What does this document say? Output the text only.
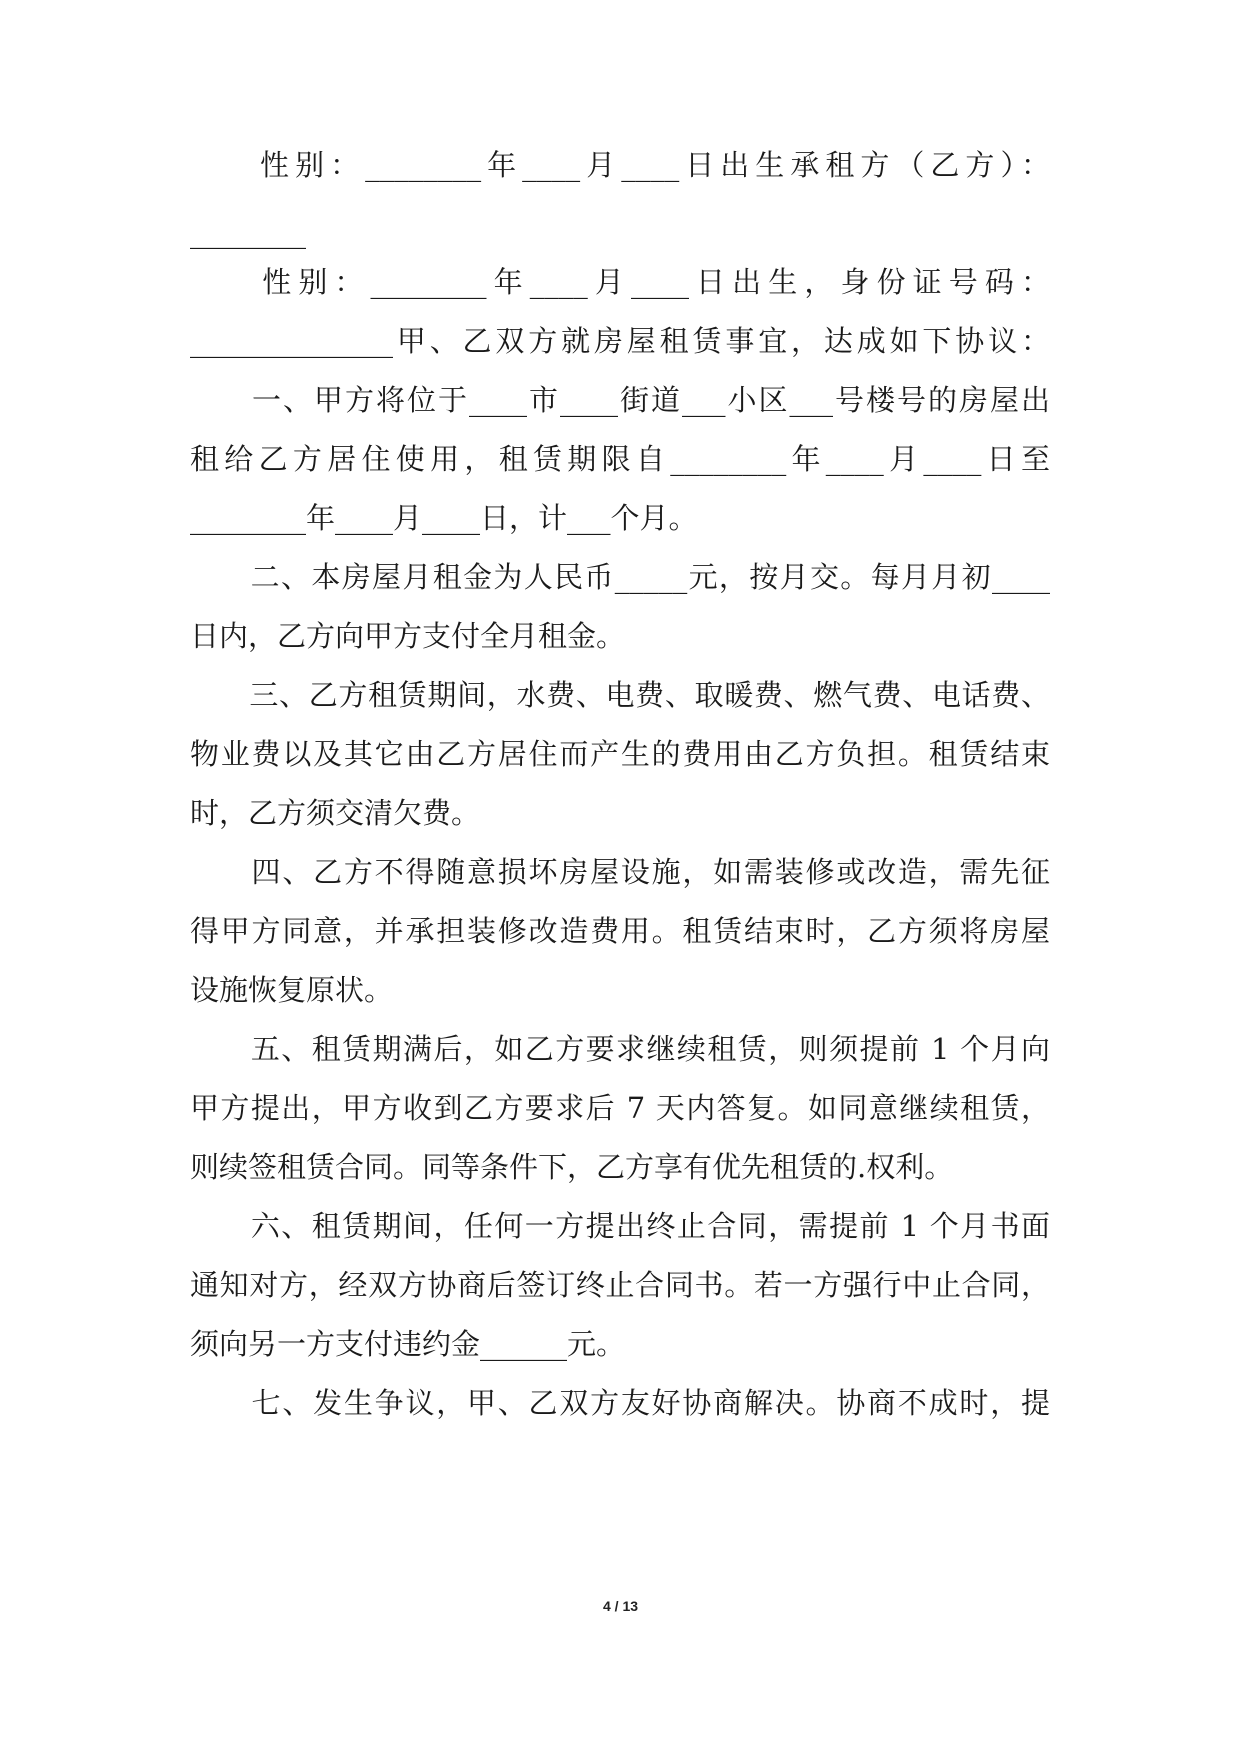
　　性别：________年____月____日出生承租方（乙方）：
________
　　性别：________年____月____日出生，身份证号码：
______________甲、乙双方就房屋租赁事宜，达成如下协议：
　　一、甲方将位于____市____街道___小区___号楼号的房屋出
租给乙方居住使用，租赁期限自________年____月____日至
________年____月____日，计___个月。
　　二、本房屋月租金为人民币_____元，按月交。每月月初____
日内，乙方向甲方支付全月租金。
　　三、乙方租赁期间，水费、电费、取暖费、燃气费、电话费、
物业费以及其它由乙方居住而产生的费用由乙方负担。租赁结束
时，乙方须交清欠费。
　　四、乙方不得随意损坏房屋设施，如需装修或改造，需先征
得甲方同意，并承担装修改造费用。租赁结束时，乙方须将房屋
设施恢复原状。
　　五、租赁期满后，如乙方要求继续租赁，则须提前 1 个月向
甲方提出，甲方收到乙方要求后 7 天内答复。如同意继续租赁，
则续签租赁合同。同等条件下，乙方享有优先租赁的.权利。
　　六、租赁期间，任何一方提出终止合同，需提前 1 个月书面
通知对方，经双方协商后签订终止合同书。若一方强行中止合同，
须向另一方支付违约金______元。
　　七、发生争议，甲、乙双方友好协商解决。协商不成时，提
4 / 13
